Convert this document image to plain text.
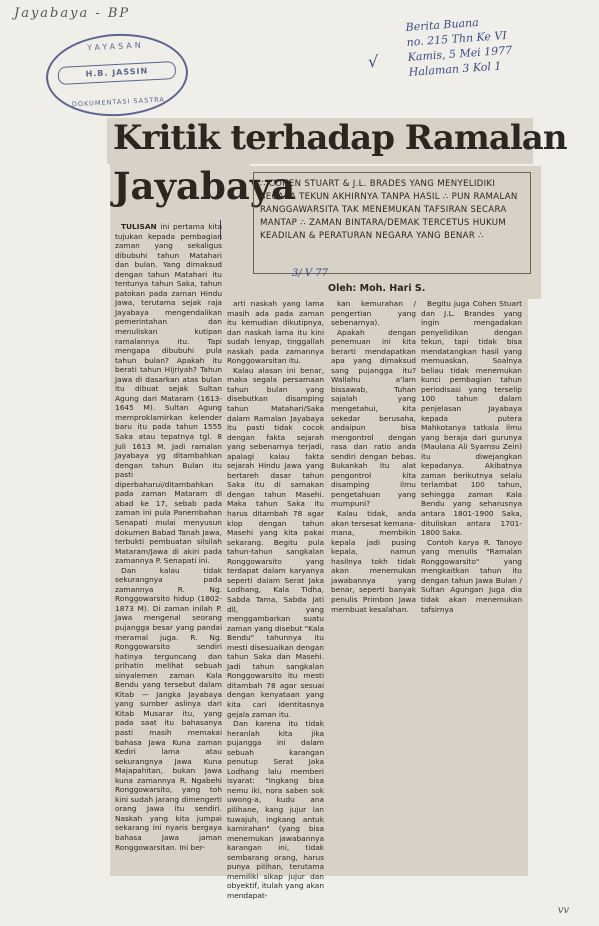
Jayabaya - BP
Berita Buana
no. 215 Thn Ke VI
Kamis, 5 Mei 1977
Halaman 3 Kol 1
√
YAYASAN
H.B. JASSIN
DOKUMENTASI SASTRA
Kritik terhadap Ramalan
Jayabaya
∴ COHEN STUART & J.L. BRADES YANG MENYELIDIKI SECARA TEKUN AKHIRNYA TANPA HASIL ∴ PUN RAMALAN RANGGAWARSITA TAK MENEMUKAN TAFSIRAN SECARA MANTAP ∴ ZAMAN BINTARA/DEMAK TERCETUS HUKUM KEADILAN & PERATURAN NEGARA YANG BENAR ∴
3/ V 77
Oleh: Moh. Hari S.

TULISAN ini pertama kita tujukan kepada pembagian zaman yang sekaligus dibubuhi tahun Matahari dan bulan. Yang dimaksud dengan tahun Matahari itu tentunya tahun Saka, tahun patokan pada zaman Hindu Jawa, terutama sejak raja Jayabaya mengendalikan pemerintahan dan menuliskan kutipan ramalannya itu. Tapi mengapa dibubuhi pula tahun bulan? Apakah itu berati tahun Hijriyah? Tahun Jawa di dasarkan atas bulan itu dibuat sejak Sultan Agung dari Mataram (1613-1645 M). Sultan Agung memproklamirkan kelender baru itu pada tahun 1555 Saka atau tepatnya tgl. 8 Juli 1613 M. Jadi ramalan Jayabaya yg ditambahkan dengan tahun Bulan itu pasti diperbaharui/ditambahkan pada zaman Mataram di abad ke 17, sebab pada zaman ini pula Panembahan Senapati mulai menyusun dokumen Babad Tanah Jawa, terbukti pembuatan silsilah Mataram/Jawa di akiri pada zamannya P. Senapati ini.

Dan kalau tidak sekurangnya pada zamannya R. Ng. Ronggowarsito hidup (1802-1873 M). Di zaman inilah P. Jawa mengenal seorang pujangga besar yang pandai meramal juga. R. Ng. Ronggowarsito sendiri hatinya terguncang dan prihatin melihat sebuah sinyalemen zaman Kala Bendu yang tersebut dalam Kitab — Jangka Jayabaya yang sumber aslinya dari Kitab Musarar itu, yang pada saat itu bahasanya pasti masih memakai bahasa Jawa Kuna zaman Kediri lama atau sekurangnya Jawa Kuna Majapahitan, bukan Jawa kuna zamannya R. Ngabehi Ronggowarsito, yang toh kini sudah jarang dimengerti orang Jawa itu sendiri. Naskah yang kita jumpai sekarang ini nyaris bergaya bahasa Jawa jaman Ronggowarsitan. Ini ber-

arti naskah yang lama masih ada pada zaman itu kemudian dikutipnya, dan naskah lama itu kini sudah lenyap, tinggallah naskah pada zamannya Ronggowarsitan itu.

Kalau alasan ini benar, maka segala persamaan tahun bulan yang disebutkan disamping tahun Matahari/Saka dalam Ramalan Jayabaya itu pasti tidak cocok dengan fakta sejarah yang sebenarnya terjadi, apalagi kalau fakta sejarah Hindu Jawa yang bertareh dasar tahun Saka itu di samakan dengan tahun Masehi. Maka tahun Saka itu harus ditambah 78 agar klop dengan tahun Masehi yang kita pakai sekarang. Begitu pula tahun-tahun sangkalan Ronggowarsito yang terdapat dalam karyanya seperti dalam Serat Jaka Lodhang, Kala Tidha, Sabda Tama, Sabda Jati dll, yang menggambarkan suatu zaman yang disebut "Kala Bendu" tahunnya itu mesti disesuaikan dengan tahun Saka dan Masehi. Jadi tahun sangkalan Ronggowarsito itu mesti ditambah 78 agar sesuai dengan kenyataan yang kita cari identitasnya gejala zaman itu.

Dan karena itu tidak heranlah kita jika pujangga ini dalam sebuah karangan penutup Serat Jaka Lodhang lalu memberi isyarat: "Ingkang bisa nemu iki, nora saben sok uwong-a, kudu ana pilihane, kang jujur lan tuwajuh, ingkang antuk kamirahan" (yang bisa menemukan jawabannya karangan ini, tidak sembarang orang, harus punya pilihan, terutama memiliki sikap jujur dan obyektif, itulah yang akan mendapat-

kan kemurahan / pengertian yang sebenarnya).

Apakah dengan penemuan ini kita berarti mendapatkan apa yang dimaksud sang pujangga itu? Wallahu a'lam bissawab, Tuhan sajalah yang mengetahui, kita sekedar berusaha, andaipun bisa mengontrol dengan rasa dan ratio anda sendiri dengan bebas. Bukankah itu alat pengontrol kita disamping ilmu pengetahuan yang mumpuni?

Kalau tidak, anda akan tersesat kemana-mana, membikin kepala jadi pusing kepala, namun hasilnya tokh tidak akan menemukan jawabannya yang benar, seperti banyak penulis Primbon Jawa membuat kesalahan.

Begitu juga Cohen Stuart dan J.L. Brandes yang ingin mengadakan penyelidikan dengan tekun, tapi tidak bisa mendatangkan hasil yang memuaskan. Soalnya beliau tidak menemukan kunci pembagian tahun periodisasi yang terselip 100 tahun dalam penjelasan Jayabaya kepada putera Mahkotanya tatkala ilmu yang beraja dari gurunya (Maulana Ali Syamsu Zein) itu diwejangkan kepadanya. Akibatnya zaman berikutnya selalu terlambat 100 tahun, sehingga zaman Kala Bendu yang seharusnya antara 1801-1900 Saka, dituliskan antara 1701-1800 Saka.

Contoh karya R. Tanoyo yang menulis "Ramalan Ronggowarsito" yang mengkaitkan tahun itu dengan tahun Jawa Bulan / Sultan Agungan Juga dia tidak akan menemukan tafsirnya

vv
